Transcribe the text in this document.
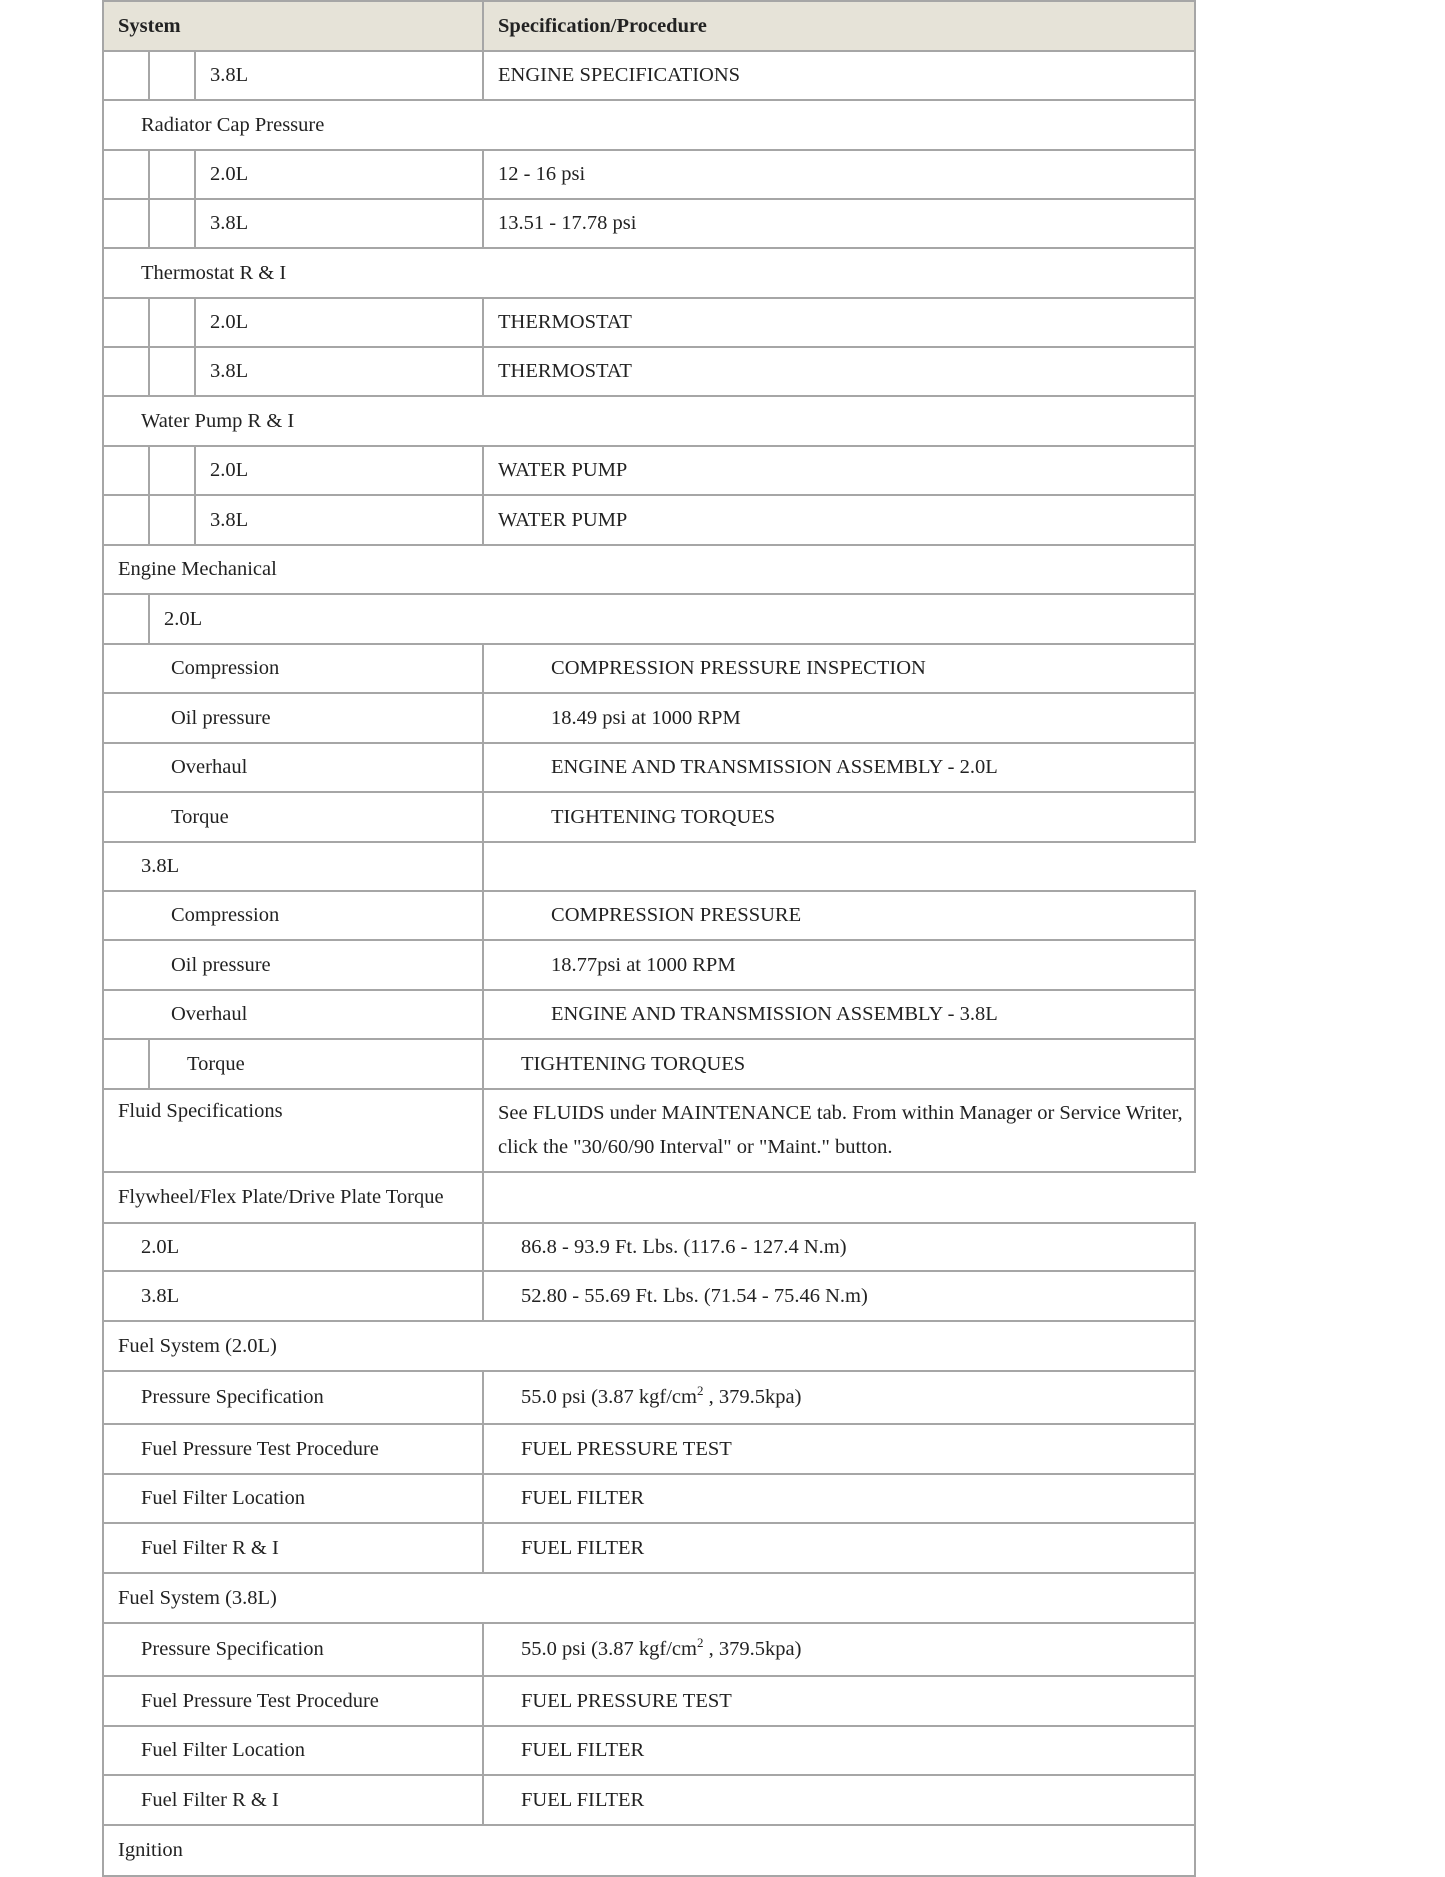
System			Specification/Procedure
		3.8L	ENGINE SPECIFICATIONS
Radiator Cap Pressure			
		2.0L	12 - 16 psi
		3.8L	13.51 - 17.78 psi
Thermostat R & I			
		2.0L	THERMOSTAT
		3.8L	THERMOSTAT
Water Pump R & I			
		2.0L	WATER PUMP
		3.8L	WATER PUMP
Engine Mechanical			
	2.0L		
Compression			COMPRESSION PRESSURE INSPECTION
Oil pressure			18.49 psi at 1000 RPM
Overhaul			ENGINE AND TRANSMISSION ASSEMBLY - 2.0L
Torque			TIGHTENING TORQUES
3.8L			
Compression			COMPRESSION PRESSURE
Oil pressure			18.77psi at 1000 RPM
Overhaul			ENGINE AND TRANSMISSION ASSEMBLY - 3.8L
	Torque		TIGHTENING TORQUES
Fluid Specifications			See FLUIDS under MAINTENANCE tab. From within Manager or Service Writer, click the "30/60/90 Interval" or "Maint." button.
Flywheel/Flex Plate/Drive Plate Torque			
2.0L			86.8 - 93.9 Ft. Lbs. (117.6 - 127.4 N.m)
3.8L			52.80 - 55.69 Ft. Lbs. (71.54 - 75.46 N.m)
Fuel System (2.0L)			
Pressure Specification			55.0 psi (3.87 kgf/$cm^2$ , 379.5kpa)
Fuel Pressure Test Procedure			FUEL PRESSURE TEST
Fuel Filter Location			FUEL FILTER
Fuel Filter R & I			FUEL FILTER
Fuel System (3.8L)			
Pressure Specification			55.0 psi (3.87 kgf/$cm^2$ , 379.5kpa)
Fuel Pressure Test Procedure			FUEL PRESSURE TEST
Fuel Filter Location			FUEL FILTER
Fuel Filter R & I			FUEL FILTER
Ignition			
